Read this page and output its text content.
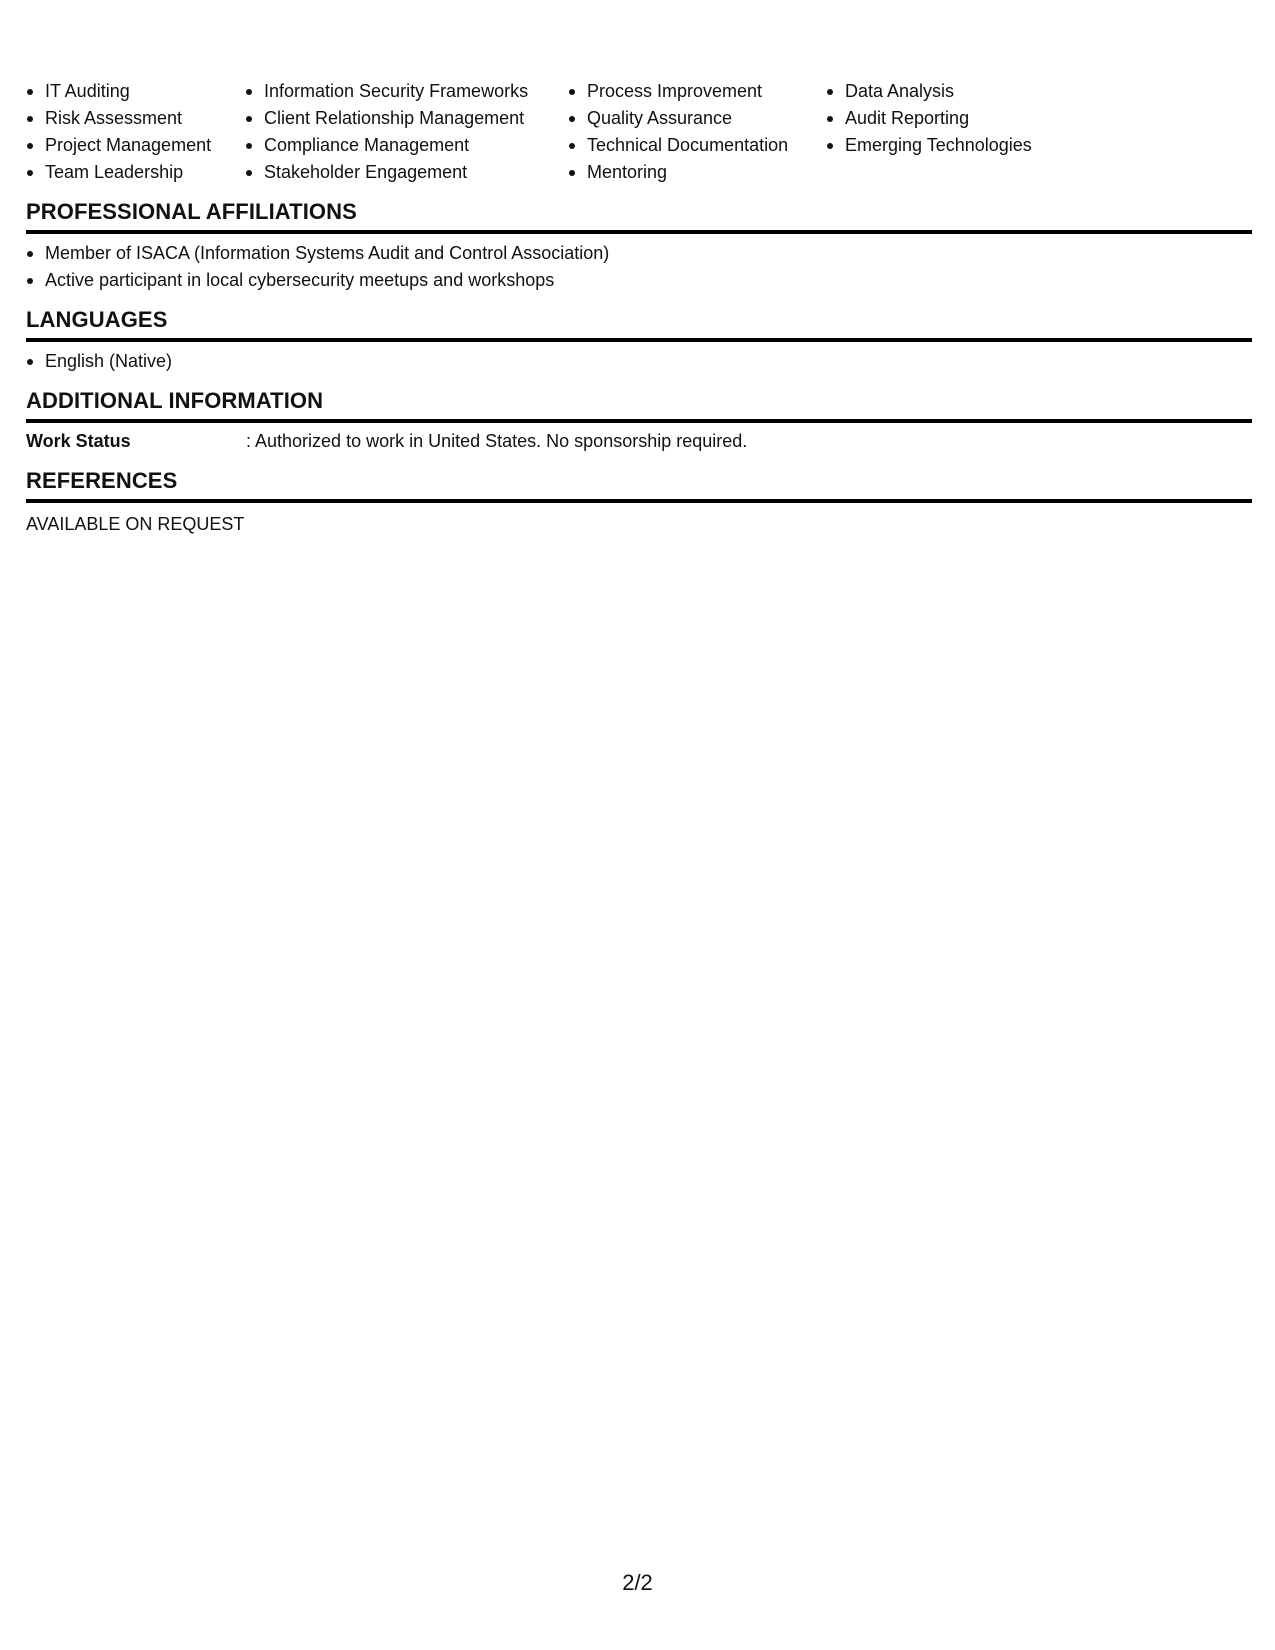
IT Auditing
Risk Assessment
Project Management
Team Leadership
Information Security Frameworks
Client Relationship Management
Compliance Management
Stakeholder Engagement
Process Improvement
Quality Assurance
Technical Documentation
Mentoring
Data Analysis
Audit Reporting
Emerging Technologies
PROFESSIONAL AFFILIATIONS
Member of ISACA (Information Systems Audit and Control Association)
Active participant in local cybersecurity meetups and workshops
LANGUAGES
English (Native)
ADDITIONAL INFORMATION
Work Status	: Authorized to work in United States. No sponsorship required.
REFERENCES
AVAILABLE ON REQUEST
2/2
